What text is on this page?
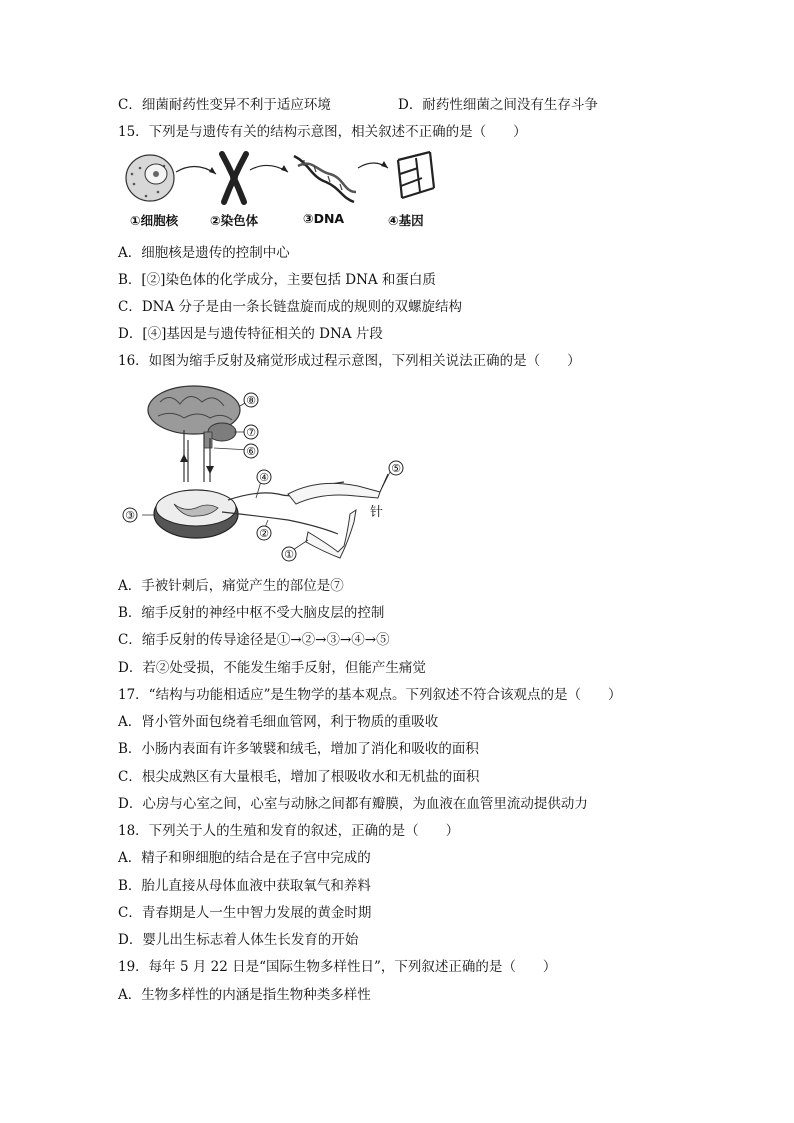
C．细菌耐药性变异不利于适应环境	D．耐药性细菌之间没有生存斗争
15．下列是与遗传有关的结构示意图，相关叙述不正确的是（　　）
①细胞核	②染色体	③DNA	④基因
A．细胞核是遗传的控制中心
B．[②]染色体的化学成分，主要包括 DNA 和蛋白质
C．DNA 分子是由一条长链盘旋而成的规则的双螺旋结构
D．[④]基因是与遗传特征相关的 DNA 片段
16．如图为缩手反射及痛觉形成过程示意图，下列相关说法正确的是（　　）
①
②
③
④
⑤
⑥
⑦
⑧
针
A．手被针刺后，痛觉产生的部位是⑦
B．缩手反射的神经中枢不受大脑皮层的控制
C．缩手反射的传导途径是①→②→③→④→⑤
D．若②处受损，不能发生缩手反射，但能产生痛觉
17．“结构与功能相适应”是生物学的基本观点。下列叙述不符合该观点的是（　　）
A．肾小管外面包绕着毛细血管网，利于物质的重吸收
B．小肠内表面有许多皱襞和绒毛，增加了消化和吸收的面积
C．根尖成熟区有大量根毛，增加了根吸收水和无机盐的面积
D．心房与心室之间，心室与动脉之间都有瓣膜，为血液在血管里流动提供动力
18．下列关于人的生殖和发育的叙述，正确的是（　　）
A．精子和卵细胞的结合是在子宫中完成的
B．胎儿直接从母体血液中获取氧气和养料
C．青春期是人一生中智力发展的黄金时期
D．婴儿出生标志着人体生长发育的开始
19．每年 5 月 22 日是“国际生物多样性日”，下列叙述正确的是（　　）
A．生物多样性的内涵是指生物种类多样性
